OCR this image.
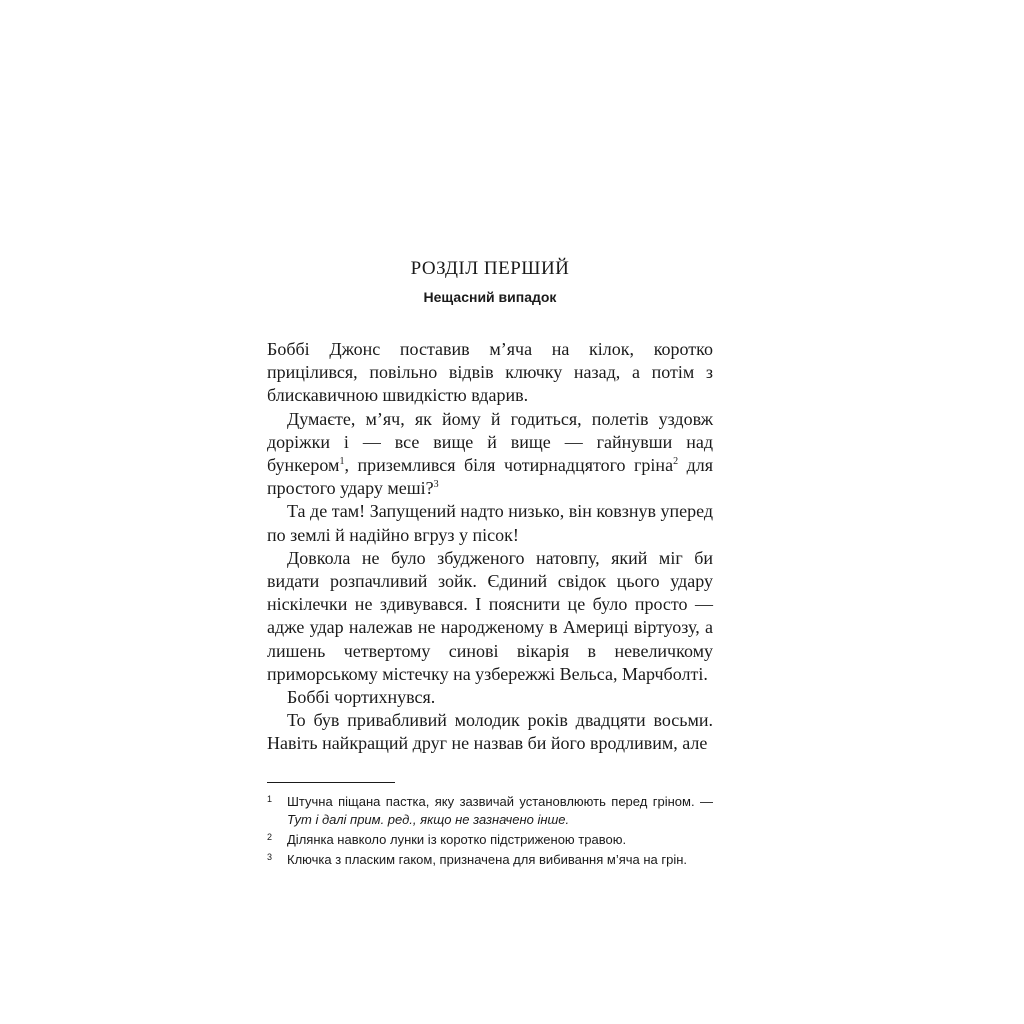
РОЗДІЛ ПЕРШИЙ
Нещасний випадок

Боббі Джонс поставив м’яча на кілок, коротко прицілився, повільно відвів ключку назад, а потім з блискавичною швидкістю вдарив.

Думаєте, м’яч, як йому й годиться, полетів уздовж доріжки і — все вище й вище — гайнувши над бункером$^1$, приземлився біля чотирнадцятого гріна$^2$ для простого удару меші?$^3$

Та де там! Запущений надто низько, він ковзнув уперед по землі й надійно вгруз у пісок!

Довкола не було збудженого натовпу, який міг би видати розпачливий зойк. Єдиний свідок цього удару ніскілечки не здивувався. І пояснити це було просто — адже удар належав не народженому в Америці віртуозу, а лишень четвертому синові вікарія в невеличкому приморському містечку на узбережжі Вельса, Марчболті.

Боббі чортихнувся.

То був привабливий молодик років двадцяти восьми. Навіть найкращий друг не назвав би його вродливим, але

1 Штучна піщана пастка, яку зазвичай установлюють перед гріном. — Тут і далі прим. ред., якщо не зазначено інше.

2 Ділянка навколо лунки із коротко підстриженою травою.

3 Ключка з пласким гаком, призначена для вибивання м’яча на грін.
